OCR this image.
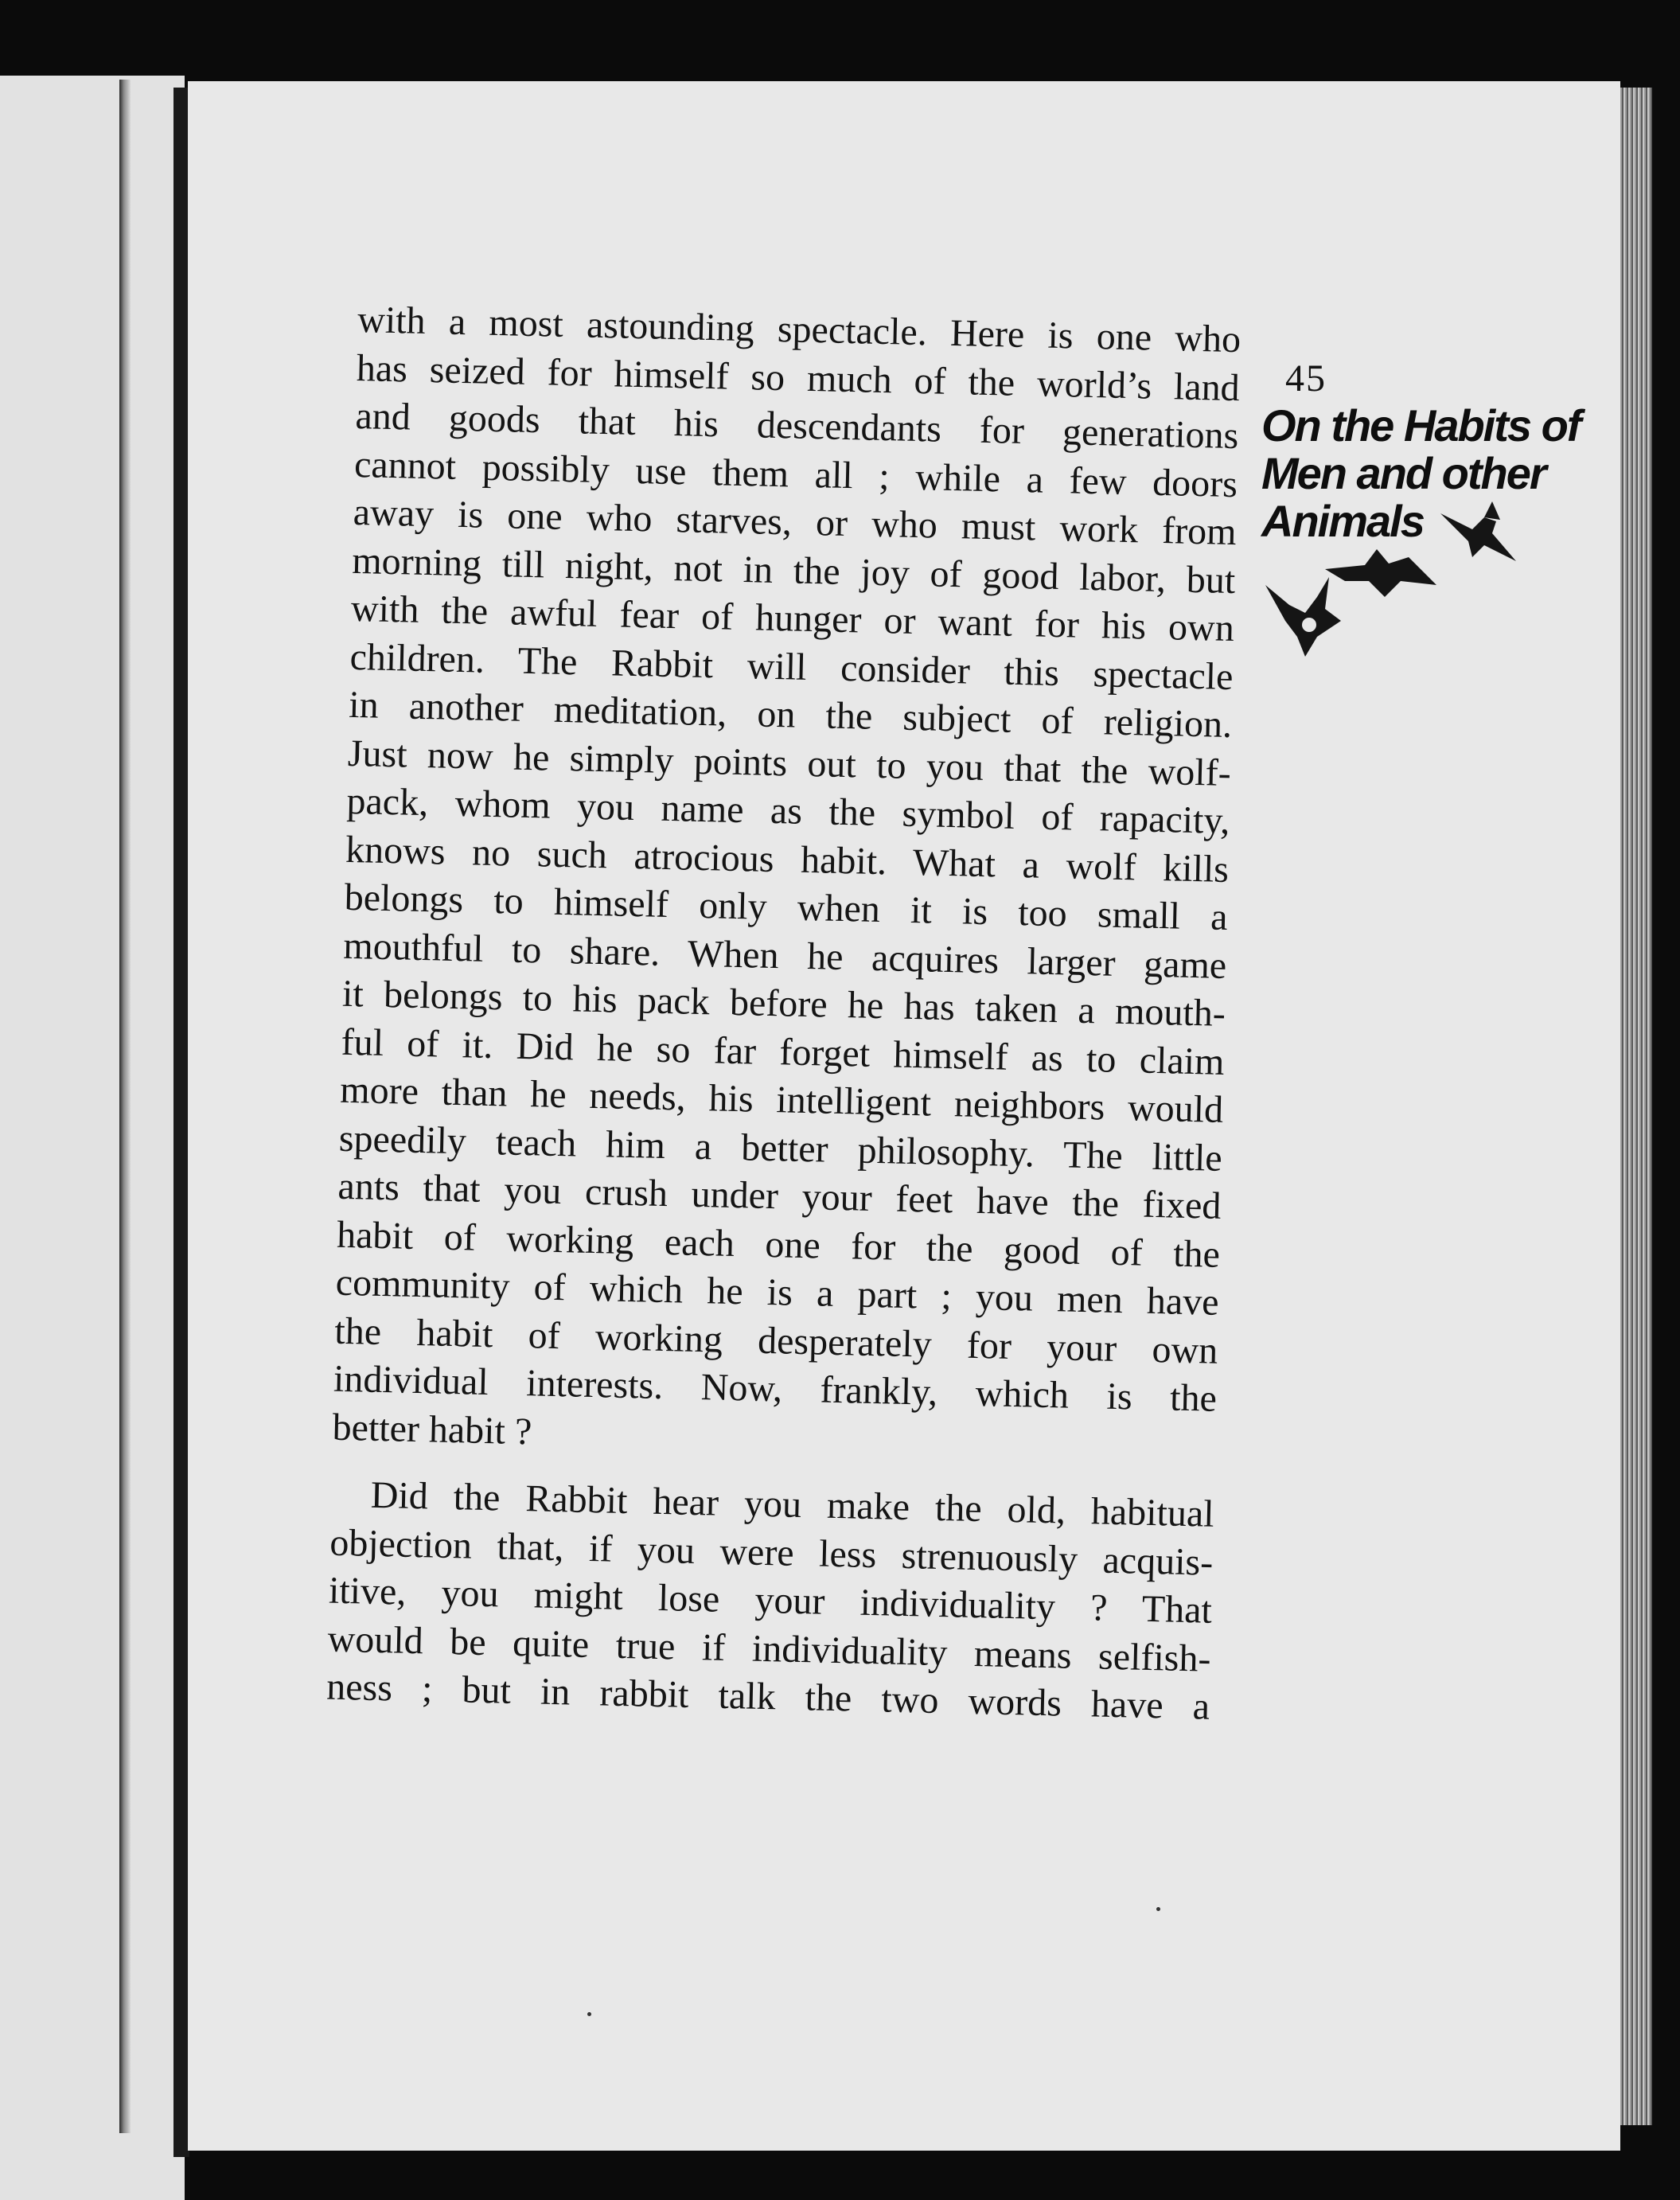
with a most astounding spectacle. Here is one who
has seized for himself so much of the world’s land
and goods that his descendants for generations
cannot possibly use them all ; while a few doors
away is one who starves, or who must work from
morning till night, not in the joy of good labor, but
with the awful fear of hunger or want for his own
children. The Rabbit will consider this spectacle
in another meditation, on the subject of religion.
Just now he simply points out to you that the wolf-
pack, whom you name as the symbol of rapacity,
knows no such atrocious habit. What a wolf kills
belongs to himself only when it is too small a
mouthful to share. When he acquires larger game
it belongs to his pack before he has taken a mouth-
ful of it. Did he so far forget himself as to claim
more than he needs, his intelligent neighbors would
speedily teach him a better philosophy. The little
ants that you crush under your feet have the fixed
habit of working each one for the good of the
community of which he is a part ; you men have
the habit of working desperately for your own
individual interests. Now, frankly, which is the
better habit ?
Did the Rabbit hear you make the old, habitual
objection that, if you were less strenuously acquis-
itive, you might lose your individuality ? That
would be quite true if individuality means selfish-
ness ; but in rabbit talk the two words have a
45
On the Habits of
Men and other
Animals
